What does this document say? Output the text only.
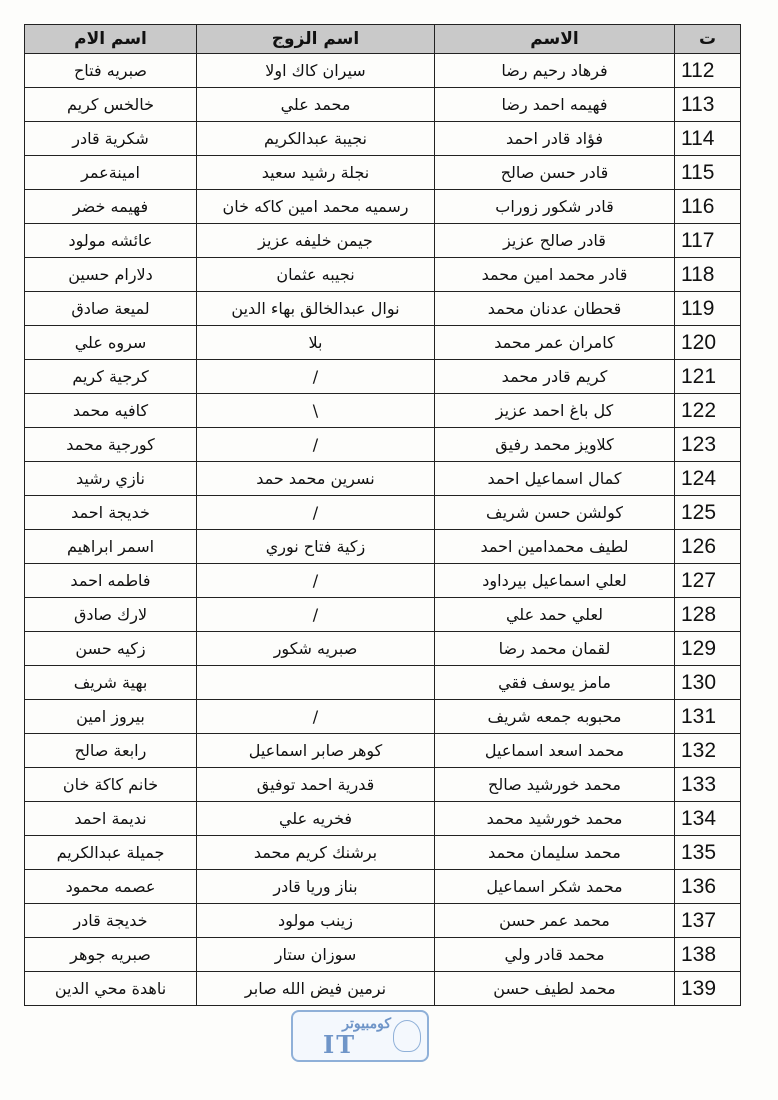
ت	الاسم	اسم الزوج	اسم الام
112	فرهاد رحيم رضا	سيران كاك اولا	صبريه فتاح
113	فهيمه احمد رضا	محمد علي	خالخس كريم
114	فؤاد قادر احمد	نجيبة عبدالكريم	شكرية قادر
115	قادر حسن صالح	نجلة رشيد سعيد	امينةعمر
116	قادر شكور زوراب	رسميه محمد امين كاكه خان	فهيمه خضر
117	قادر صالح عزيز	جيمن خليفه عزيز	عائشه مولود
118	قادر محمد امين محمد	نجيبه عثمان	دلارام حسين
119	قحطان عدنان محمد	نوال عبدالخالق بهاء الدين	لميعة صادق
120	كامران عمر محمد	بلا	سروه علي
121	كريم قادر محمد	/	كرجية كريم
122	كل باغ احمد عزيز	\	كافيه محمد
123	كلاويز محمد رفيق	/	كورجية محمد
124	كمال اسماعيل احمد	نسرين محمد حمد	نازي رشيد
125	كولشن حسن شريف	/	خديجة احمد
126	لطيف محمدامين احمد	زكية فتاح نوري	اسمر ابراهيم
127	لعلي اسماعيل بيرداود	/	فاطمه احمد
128	لعلي حمد علي	/	لارك صادق
129	لقمان محمد رضا	صبريه شكور	زكيه حسن
130	مامز يوسف فقي		بهية شريف
131	محبوبه جمعه شريف	/	بيروز امين
132	محمد اسعد اسماعيل	كوهر صابر اسماعيل	رابعة صالح
133	محمد خورشيد صالح	قدرية احمد توفيق	خانم كاكة خان
134	محمد خورشيد محمد	فخريه علي	نديمة احمد
135	محمد سليمان محمد	برشنك كريم محمد	جميلة عبدالكريم
136	محمد شكر اسماعيل	بناز وريا قادر	عصمه محمود
137	محمد عمر حسن	زينب مولود	خديجة قادر
138	محمد قادر ولي	سوزان ستار	صبريه جوهر
139	محمد لطيف حسن	نرمين فيض الله صابر	ناهدة محي الدين
كومبيوتر
IT
